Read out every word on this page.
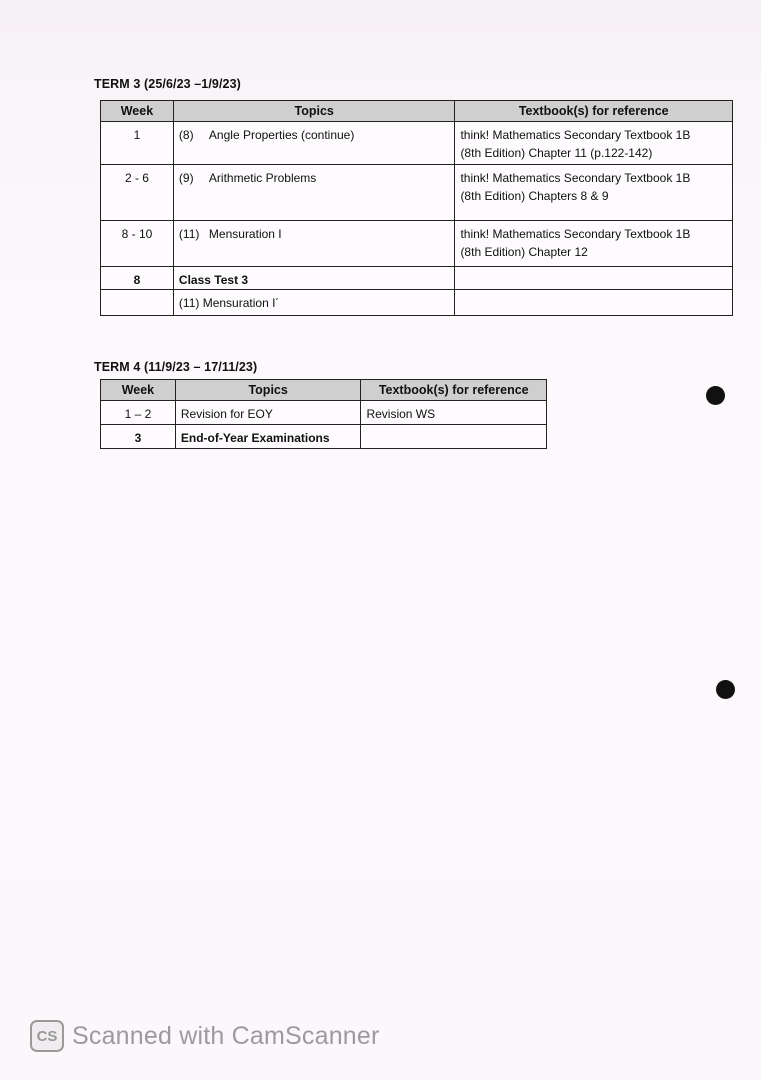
TERM 3 (25/6/23 –1/9/23)
Week	Topics	Textbook(s) for reference
1	(8) Angle Properties (continue)	think! Mathematics Secondary Textbook 1B
(8th Edition) Chapter 11 (p.122-142)

2 - 6	(9) Arithmetic Problems	think! Mathematics Secondary Textbook 1B
(8th Edition) Chapters 8 & 9

8 - 10	(11) Mensuration I	think! Mathematics Secondary Textbook 1B
(8th Edition) Chapter 12

8	Class Test 3	
	(11) Mensuration I´	
TERM 4 (11/9/23 – 17/11/23)
Week	Topics	Textbook(s) for reference
1 – 2	Revision for EOY	Revision WS
3	End-of-Year Examinations	
CS Scanned with CamScanner
